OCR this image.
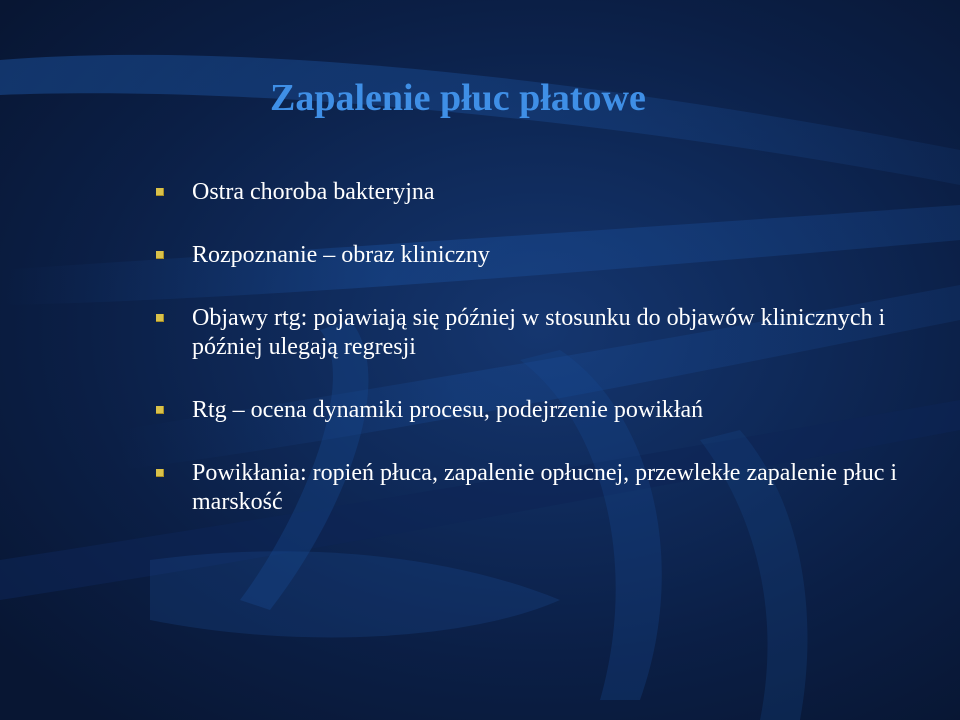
Zapalenie płuc płatowe
Ostra choroba bakteryjna
Rozpoznanie – obraz kliniczny
Objawy rtg: pojawiają się później w stosunku do objawów klinicznych i później ulegają regresji
Rtg – ocena dynamiki procesu, podejrzenie powikłań
Powikłania: ropień płuca, zapalenie opłucnej, przewlekłe zapalenie płuc i marskość
